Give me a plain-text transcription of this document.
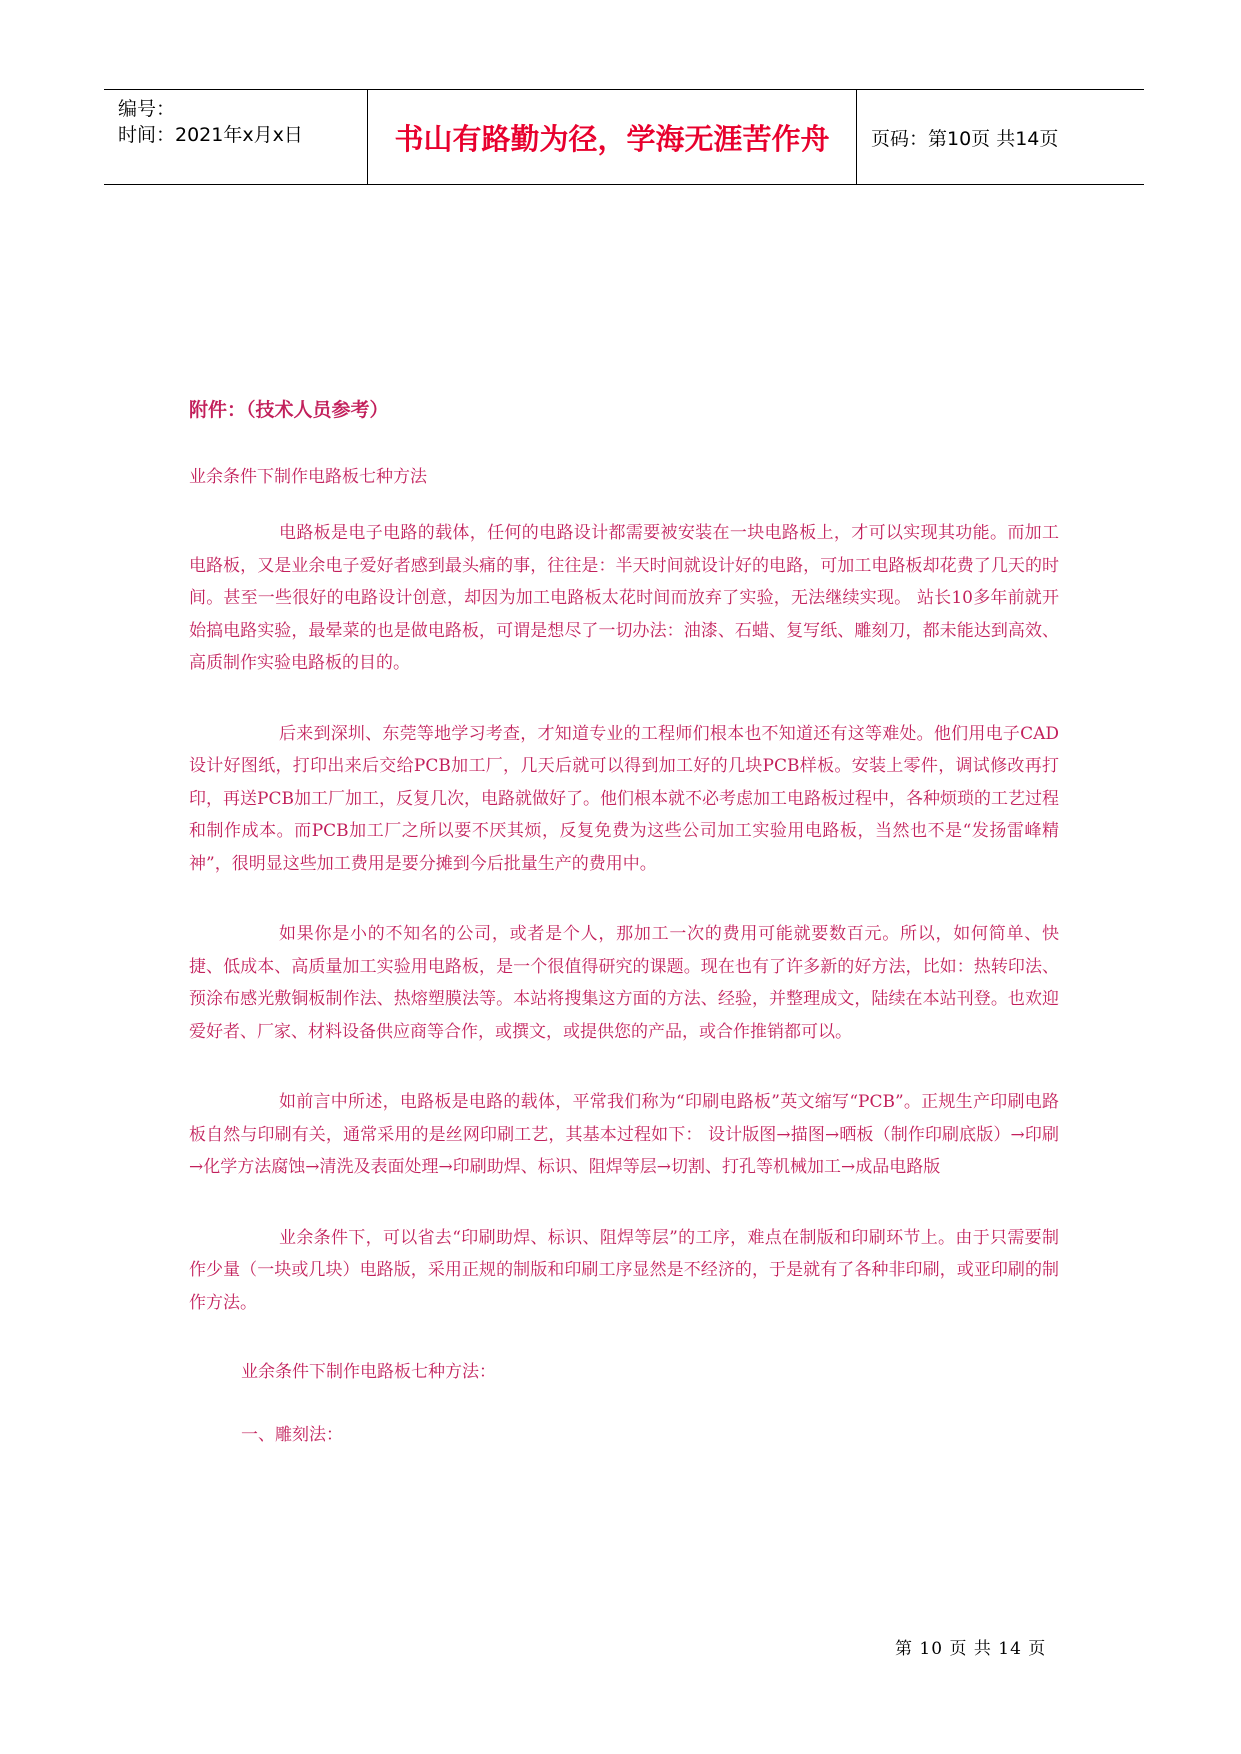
编号：
时间：2021年x月x日	书山有路勤为径，学海无涯苦作舟	页码：第10页 共14页

附件：（技术人员参考）

业余条件下制作电路板七种方法
电路板是电子电路的载体，任何的电路设计都需要被安装在一块电路板上，才可以实现其功能。而加工电路板，又是业余电子爱好者感到最头痛的事，往往是：半天时间就设计好的电路，可加工电路板却花费了几天的时间。甚至一些很好的电路设计创意，却因为加工电路板太花时间而放弃了实验，无法继续实现。 站长10多年前就开始搞电路实验，最晕菜的也是做电路板，可谓是想尽了一切办法：油漆、石蜡、复写纸、雕刻刀，都未能达到高效、高质制作实验电路板的目的。
后来到深圳、东莞等地学习考查，才知道专业的工程师们根本也不知道还有这等难处。他们用电子CAD设计好图纸，打印出来后交给PCB加工厂，几天后就可以得到加工好的几块PCB样板。安装上零件，调试修改再打印，再送PCB加工厂加工，反复几次，电路就做好了。他们根本就不必考虑加工电路板过程中，各种烦琐的工艺过程和制作成本。而PCB加工厂之所以要不厌其烦，反复免费为这些公司加工实验用电路板，当然也不是“发扬雷峰精神”，很明显这些加工费用是要分摊到今后批量生产的费用中。
如果你是小的不知名的公司，或者是个人，那加工一次的费用可能就要数百元。所以，如何简单、快捷、低成本、高质量加工实验用电路板，是一个很值得研究的课题。现在也有了许多新的好方法，比如：热转印法、预涂布感光敷铜板制作法、热熔塑膜法等。本站将搜集这方面的方法、经验，并整理成文，陆续在本站刊登。也欢迎爱好者、厂家、材料设备供应商等合作，或撰文，或提供您的产品，或合作推销都可以。
如前言中所述，电路板是电路的载体，平常我们称为“印刷电路板”英文缩写“PCB”。正规生产印刷电路板自然与印刷有关，通常采用的是丝网印刷工艺，其基本过程如下： 设计版图→描图→晒板（制作印刷底版）→印刷→化学方法腐蚀→清洗及表面处理→印刷助焊、标识、阻焊等层→切割、打孔等机械加工→成品电路版
业余条件下，可以省去“印刷助焊、标识、阻焊等层”的工序，难点在制版和印刷环节上。由于只需要制作少量（一块或几块）电路版，采用正规的制版和印刷工序显然是不经济的，于是就有了各种非印刷，或亚印刷的制作方法。
业余条件下制作电路板七种方法：
一、雕刻法：
第 10 页 共 14 页
